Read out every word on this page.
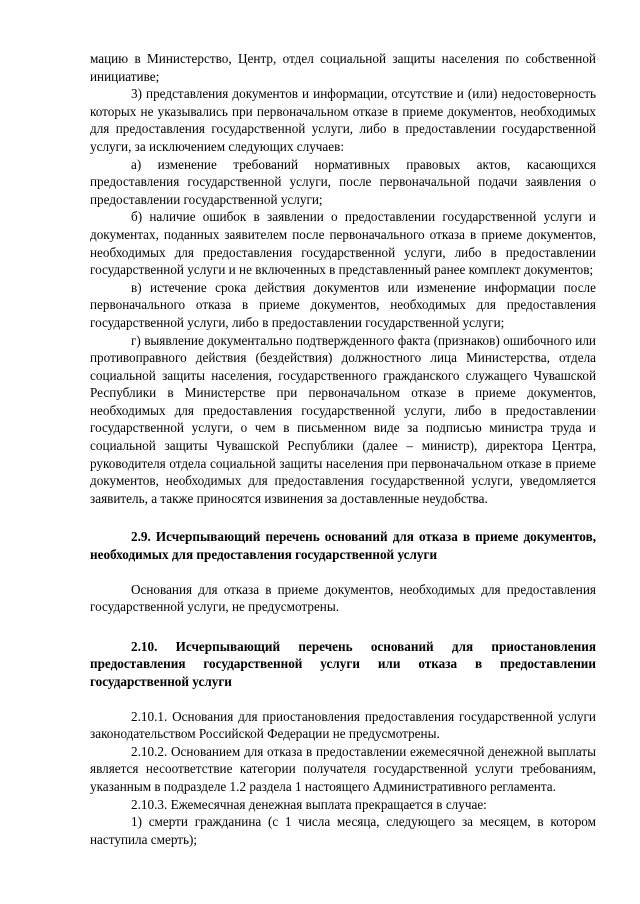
мацию в Министерство, Центр, отдел социальной защиты населения по собственной инициативе;

3) представления документов и информации, отсутствие и (или) недостоверность которых не указывались при первоначальном отказе в приеме документов, необходимых для предоставления государственной услуги, либо в предоставлении государственной услуги, за исключением следующих случаев:

а) изменение требований нормативных правовых актов, касающихся предоставления государственной услуги, после первоначальной подачи заявления о предоставлении государственной услуги;

б) наличие ошибок в заявлении о предоставлении государственной услуги и документах, поданных заявителем после первоначального отказа в приеме документов, необходимых для предоставления государственной услуги, либо в предоставлении государственной услуги и не включенных в представленный ранее комплект документов;

в) истечение срока действия документов или изменение информации после первоначального отказа в приеме документов, необходимых для предоставления государственной услуги, либо в предоставлении государственной услуги;

г) выявление документально подтвержденного факта (признаков) ошибочного или противоправного действия (бездействия) должностного лица Министерства, отдела социальной защиты населения, государственного гражданского служащего Чувашской Республики в Министерстве при первоначальном отказе в приеме документов, необходимых для предоставления государственной услуги, либо в предоставлении государственной услуги, о чем в письменном виде за подписью министра труда и социальной защиты Чувашской Республики (далее – министр), директора Центра, руководителя отдела социальной защиты населения при первоначальном отказе в приеме документов, необходимых для предоставления государственной услуги, уведомляется заявитель, а также приносятся извинения за доставленные неудобства.

2.9. Исчерпывающий перечень оснований для отказа в приеме документов, необходимых для предоставления государственной услуги

Основания для отказа в приеме документов, необходимых для предоставления государственной услуги, не предусмотрены.

2.10. Исчерпывающий перечень оснований для приостановления предоставления государственной услуги или отказа в предоставлении государственной услуги

2.10.1. Основания для приостановления предоставления государственной услуги законодательством Российской Федерации не предусмотрены.

2.10.2. Основанием для отказа в предоставлении ежемесячной денежной выплаты является несоответствие категории получателя государственной услуги требованиям, указанным в подразделе 1.2 раздела 1 настоящего Административного регламента.

2.10.3. Ежемесячная денежная выплата прекращается в случае:

1) смерти гражданина (с 1 числа месяца, следующего за месяцем, в котором наступила смерть);
